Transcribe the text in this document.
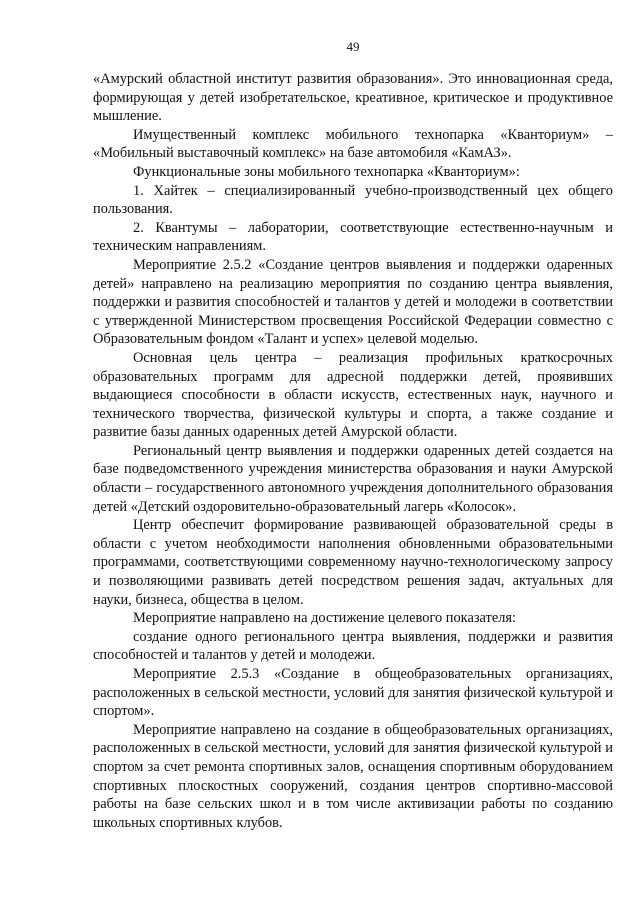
49

«Амурский областной институт развития образования». Это инновационная среда, формирующая у детей изобретательское, креативное, критическое и продуктивное мышление.

Имущественный комплекс мобильного технопарка «Кванториум» – «Мобильный выставочный комплекс» на базе автомобиля «КамАЗ».

Функциональные зоны мобильного технопарка «Кванториум»:

1. Хайтек – специализированный учебно-производственный цех общего пользования.

2. Квантумы – лаборатории, соответствующие естественно-научным и техническим направлениям.

Мероприятие 2.5.2 «Создание центров выявления и поддержки одаренных детей» направлено на реализацию мероприятия по созданию центра выявления, поддержки и развития способностей и талантов у детей и молодежи в соответствии с утвержденной Министерством просвещения Российской Федерации совместно с Образовательным фондом «Талант и успех» целевой моделью.

Основная цель центра – реализация профильных краткосрочных образовательных программ для адресной поддержки детей, проявивших выдающиеся способности в области искусств, естественных наук, научного и технического творчества, физической культуры и спорта, а также создание и развитие базы данных одаренных детей Амурской области.

Региональный центр выявления и поддержки одаренных детей создается на базе подведомственного учреждения министерства образования и науки Амурской области – государственного автономного учреждения дополнительного образования детей «Детский оздоровительно-образовательный лагерь «Колосок».

Центр обеспечит формирование развивающей образовательной среды в области с учетом необходимости наполнения обновленными образовательными программами, соответствующими современному научно-технологическому запросу и позволяющими развивать детей посредством решения задач, актуальных для науки, бизнеса, общества в целом.

Мероприятие направлено на достижение целевого показателя:

создание одного регионального центра выявления, поддержки и развития способностей и талантов у детей и молодежи.

Мероприятие 2.5.3 «Создание в общеобразовательных организациях, расположенных в сельской местности, условий для занятия физической культурой и спортом».

Мероприятие направлено на создание в общеобразовательных организациях, расположенных в сельской местности, условий для занятия физической культурой и спортом за счет ремонта спортивных залов, оснащения спортивным оборудованием спортивных плоскостных сооружений, создания центров спортивно-массовой работы на базе сельских школ и в том числе активизации работы по созданию школьных спортивных клубов.
